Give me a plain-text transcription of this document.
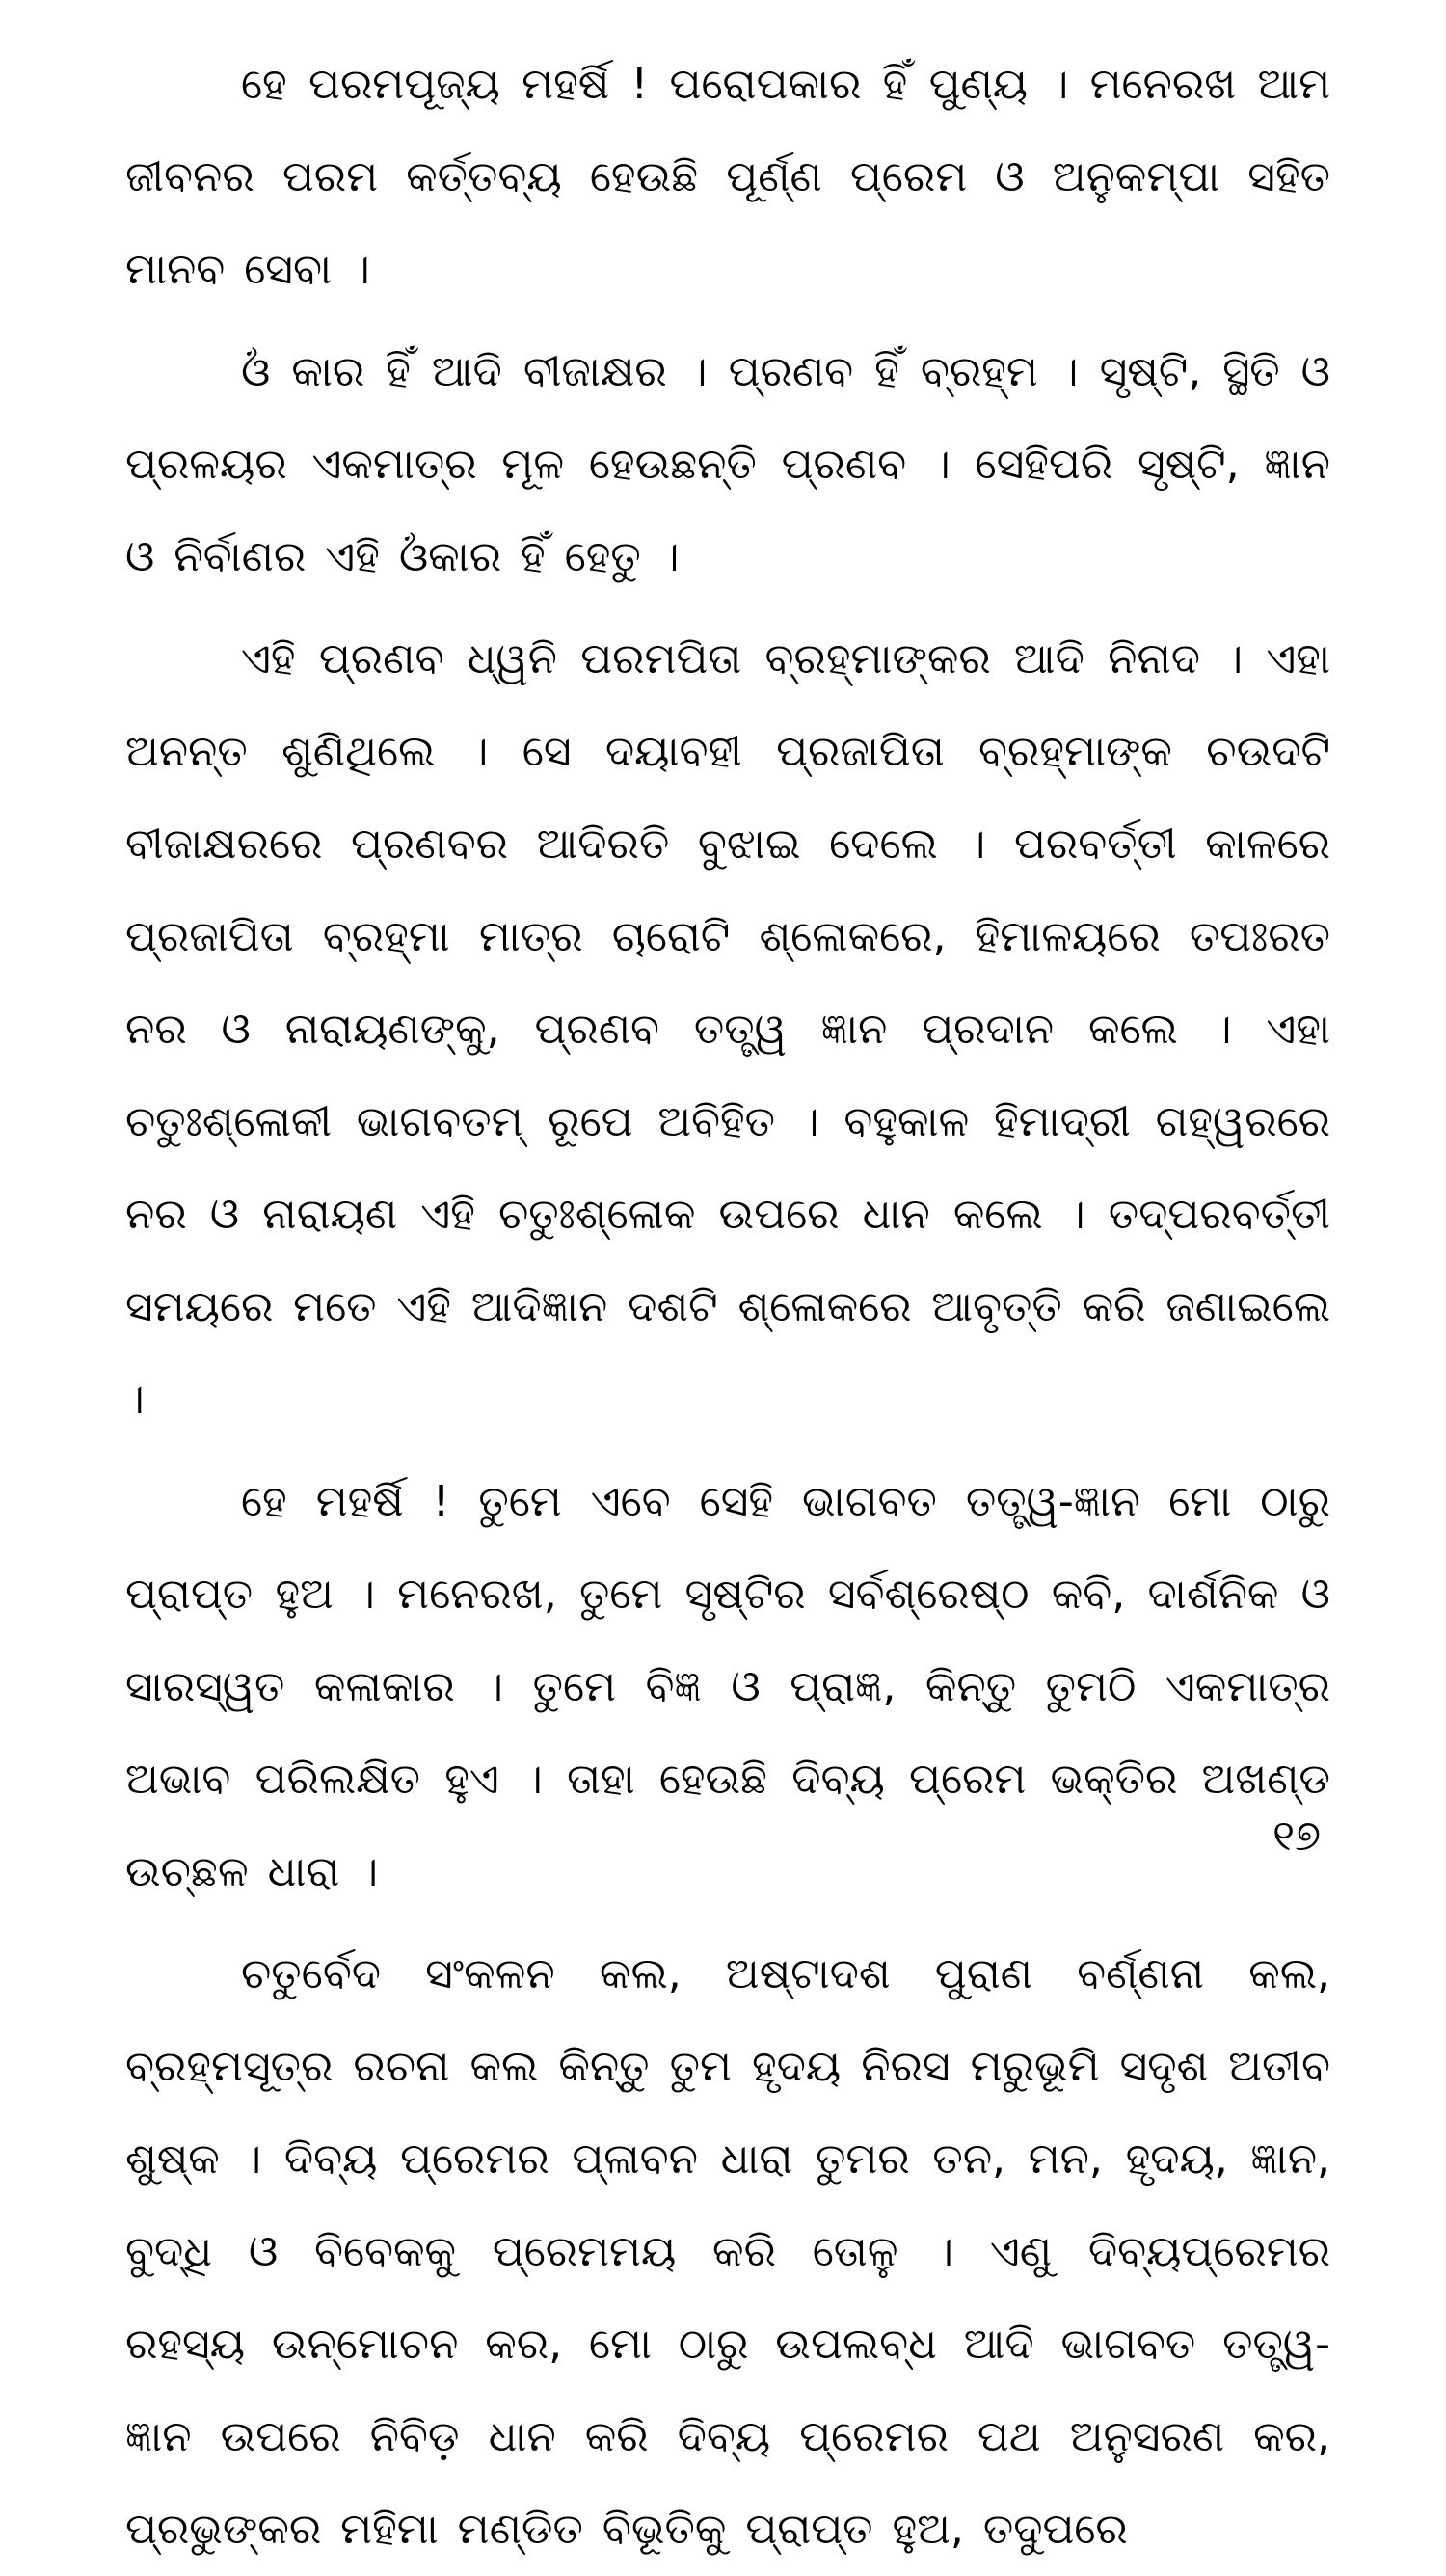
ହେ ପରମପୂଜ୍ୟ ମହର୍ଷି ! ପରୋପକାର ହିଁ ପୁଣ୍ୟ । ମନେରଖ ଆମ ଜୀବନର ପରମ କର୍ତ୍ତବ୍ୟ ହେଉଛି ପୂର୍ଣ୍ଣ ପ୍ରେମ ଓ ଅନୁକମ୍ପା ସହିତ ମାନବ ସେବା ।

ଓଁ କାର ହିଁ ଆଦି ବୀଜାକ୍ଷର । ପ୍ରଣବ ହିଁ ବ୍ରହ୍ମ । ସୃଷ୍ଟି, ସ୍ଥିତି ଓ ପ୍ରଳୟର ଏକମାତ୍ର ମୂଳ ହେଉଛନ୍ତି ପ୍ରଣବ । ସେହିପରି ସୃଷ୍ଟି, ଜ୍ଞାନ ଓ ନିର୍ବାଣର ଏହି ଓଁକାର ହିଁ ହେତୁ ।

ଏହି ପ୍ରଣବ ଧ୍ୱନି ପରମପିତା ବ୍ରହ୍ମାଙ୍କର ଆଦି ନିନାଦ । ଏହା ଅନନ୍ତ ଶୁଣିଥିଲେ । ସେ ଦୟାବହୀ ପ୍ରଜାପିତା ବ୍ରହ୍ମାଙ୍କ ଚଉଦଟି ବୀଜାକ୍ଷରରେ ପ୍ରଣବର ଆଦିରତି ବୁଝାଇ ଦେଲେ । ପରବର୍ତ୍ତୀ କାଳରେ ପ୍ରଜାପିତା ବ୍ରହ୍ମା ମାତ୍ର ଚାରୋଟି ଶ୍ଳୋକରେ, ହିମାଳୟରେ ତପଃରତ ନର ଓ ନାରାୟଣଙ୍କୁ, ପ୍ରଣବ ତତ୍ତ୍ୱ ଜ୍ଞାନ ପ୍ରଦାନ କଲେ । ଏହା ଚତୁଃଶ୍ଳୋକୀ ଭାଗବତମ୍ ରୂପେ ଅବିହିତ । ବହୁକାଳ ହିମାଦ୍ରୀ ଗହ୍ୱରରେ ନର ଓ ନାରାୟଣ ଏହି ଚତୁଃଶ୍ଳୋକ ଉପରେ ଧାନ କଲେ । ତଦ୍‌ପରବର୍ତ୍ତୀ ସମୟରେ ମତେ ଏହି ଆଦିଜ୍ଞାନ ଦଶଟି ଶ୍ଳୋକରେ ଆବୃତ୍ତି କରି ଜଣାଇଲେ ।

ହେ ମହର୍ଷି ! ତୁମେ ଏବେ ସେହି ଭାଗବତ ତତ୍ତ୍ୱ-ଜ୍ଞାନ ମୋ ଠାରୁ ପ୍ରାପ୍ତ ହୁଅ । ମନେରଖ, ତୁମେ ସୃଷ୍ଟିର ସର୍ବଶ୍ରେଷ୍ଠ କବି, ଦାର୍ଶନିକ ଓ ସାରସ୍ୱତ କଳାକାର । ତୁମେ ବିଜ୍ଞ ଓ ପ୍ରାଜ୍ଞ, କିନ୍ତୁ ତୁମଠି ଏକମାତ୍ର ଅଭାବ ପରିଲକ୍ଷିତ ହୁଏ । ତାହା ହେଉଛି ଦିବ୍ୟ ପ୍ରେମ ଭକ୍ତିର ଅଖଣ୍ଡ ଉଚ୍ଛଳ ଧାରା ।

ଚତୁର୍ବେଦ ସଂକଳନ କଲ, ଅଷ୍ଟାଦଶ ପୁରାଣ ବର୍ଣ୍ଣନା କଲ, ବ୍ରହ୍ମସୂତ୍ର ରଚନା କଲ କିନ୍ତୁ ତୁମ ହୃଦୟ ନିରସ ମରୁଭୂମି ସଦୃଶ ଅତୀବ ଶୁଷ୍କ । ଦିବ୍ୟ ପ୍ରେମର ପ୍ଳାବନ ଧାରା ତୁମର ତନ, ମନ, ହୃଦୟ, ଜ୍ଞାନ, ବୁଦ୍ଧି ଓ ବିବେକକୁ ପ୍ରେମମୟ କରି ତୋଳୁ । ଏଣୁ ଦିବ୍ୟପ୍ରେମର ରହସ୍ୟ ଉନ୍ମୋଚନ କର, ମୋ ଠାରୁ ଉପଲବ୍ଧ ଆଦି ଭାଗବତ ତତ୍ତ୍ୱ-ଜ୍ଞାନ ଉପରେ ନିବିଡ଼ ଧାନ କରି ଦିବ୍ୟ ପ୍ରେମର ପଥ ଅନୁସରଣ କର, ପ୍ରଭୁଙ୍କର ମହିମା ମଣ୍ଡିତ ବିଭୂତିକୁ ପ୍ରାପ୍ତ ହୁଅ, ତଦୁପରେ

୧୭
